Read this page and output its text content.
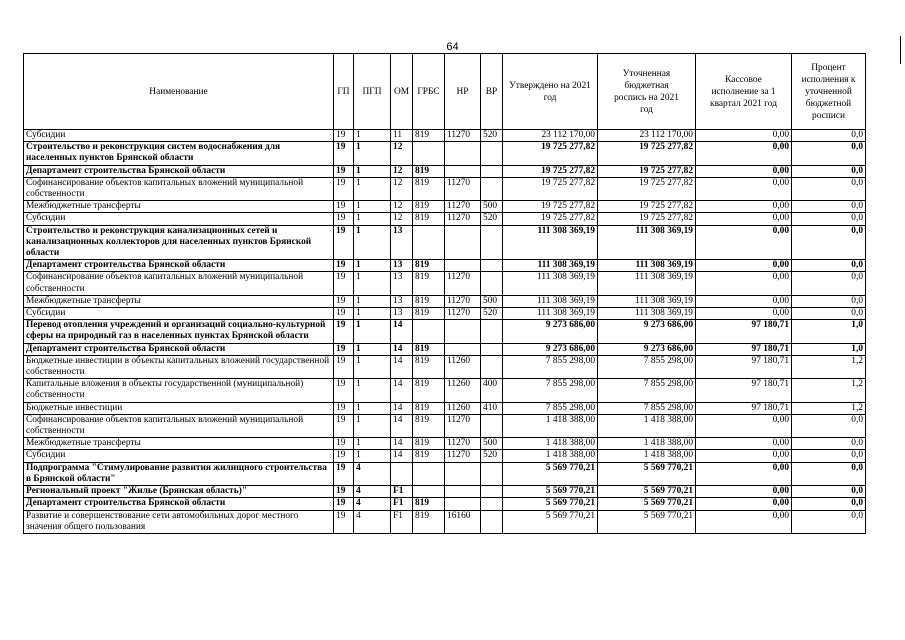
64
Наименование	ГП	ПГП	ОМ	ГРБС	НР	ВР	Утверждено на 2021 год	Уточненная бюджетная роспись на 2021 год	Кассовое исполнение за 1 квартал 2021 год	Процент исполнения к уточненной бюджетной росписи
Субсидии	19	1	11	819	11270	520	23 112 170,00	23 112 170,00	0,00	0,0
Строительство и реконструкция систем водоснабжения для населенных пунктов Брянской области	19	1	12				19 725 277,82	19 725 277,82	0,00	0,0
Департамент строительства Брянской области	19	1	12	819			19 725 277,82	19 725 277,82	0,00	0,0
Софинансирование объектов капитальных вложений муниципальной собственности	19	1	12	819	11270		19 725 277,82	19 725 277,82	0,00	0,0
Межбюджетные трансферты	19	1	12	819	11270	500	19 725 277,82	19 725 277,82	0,00	0,0
Субсидии	19	1	12	819	11270	520	19 725 277,82	19 725 277,82	0,00	0,0
Строительство и реконструкция канализационных сетей и канализационных коллекторов для населенных пунктов Брянской области	19	1	13				111 308 369,19	111 308 369,19	0,00	0,0
Департамент строительства Брянской области	19	1	13	819			111 308 369,19	111 308 369,19	0,00	0,0
Софинансирование объектов капитальных вложений муниципальной собственности	19	1	13	819	11270		111 308 369,19	111 308 369,19	0,00	0,0
Межбюджетные трансферты	19	1	13	819	11270	500	111 308 369,19	111 308 369,19	0,00	0,0
Субсидии	19	1	13	819	11270	520	111 308 369,19	111 308 369,19	0,00	0,0
Перевод отопления учреждений и организаций социально-культурной сферы на природный газ в населенных пунктах Брянской области	19	1	14				9 273 686,00	9 273 686,00	97 180,71	1,0
Департамент строительства Брянской области	19	1	14	819			9 273 686,00	9 273 686,00	97 180,71	1,0
Бюджетные инвестиции в объекты капитальных вложений государственной собственности	19	1	14	819	11260		7 855 298,00	7 855 298,00	97 180,71	1,2
Капитальные вложения в объекты государственной (муниципальной) собственности	19	1	14	819	11260	400	7 855 298,00	7 855 298,00	97 180,71	1,2
Бюджетные инвестиции	19	1	14	819	11260	410	7 855 298,00	7 855 298,00	97 180,71	1,2
Софинансирование объектов капитальных вложений муниципальной собственности	19	1	14	819	11270		1 418 388,00	1 418 388,00	0,00	0,0
Межбюджетные трансферты	19	1	14	819	11270	500	1 418 388,00	1 418 388,00	0,00	0,0
Субсидии	19	1	14	819	11270	520	1 418 388,00	1 418 388,00	0,00	0,0
Подпрограмма "Стимулирование развития жилищного строительства в Брянской области"	19	4					5 569 770,21	5 569 770,21	0,00	0,0
Региональный проект "Жилье (Брянская область)"	19	4	F1				5 569 770,21	5 569 770,21	0,00	0,0
Департамент строительства Брянской области	19	4	F1	819			5 569 770,21	5 569 770,21	0,00	0,0
Развитие и совершенствование сети автомобильных дорог местного значения общего пользования	19	4	F1	819	16160		5 569 770,21	5 569 770,21	0,00	0,0
